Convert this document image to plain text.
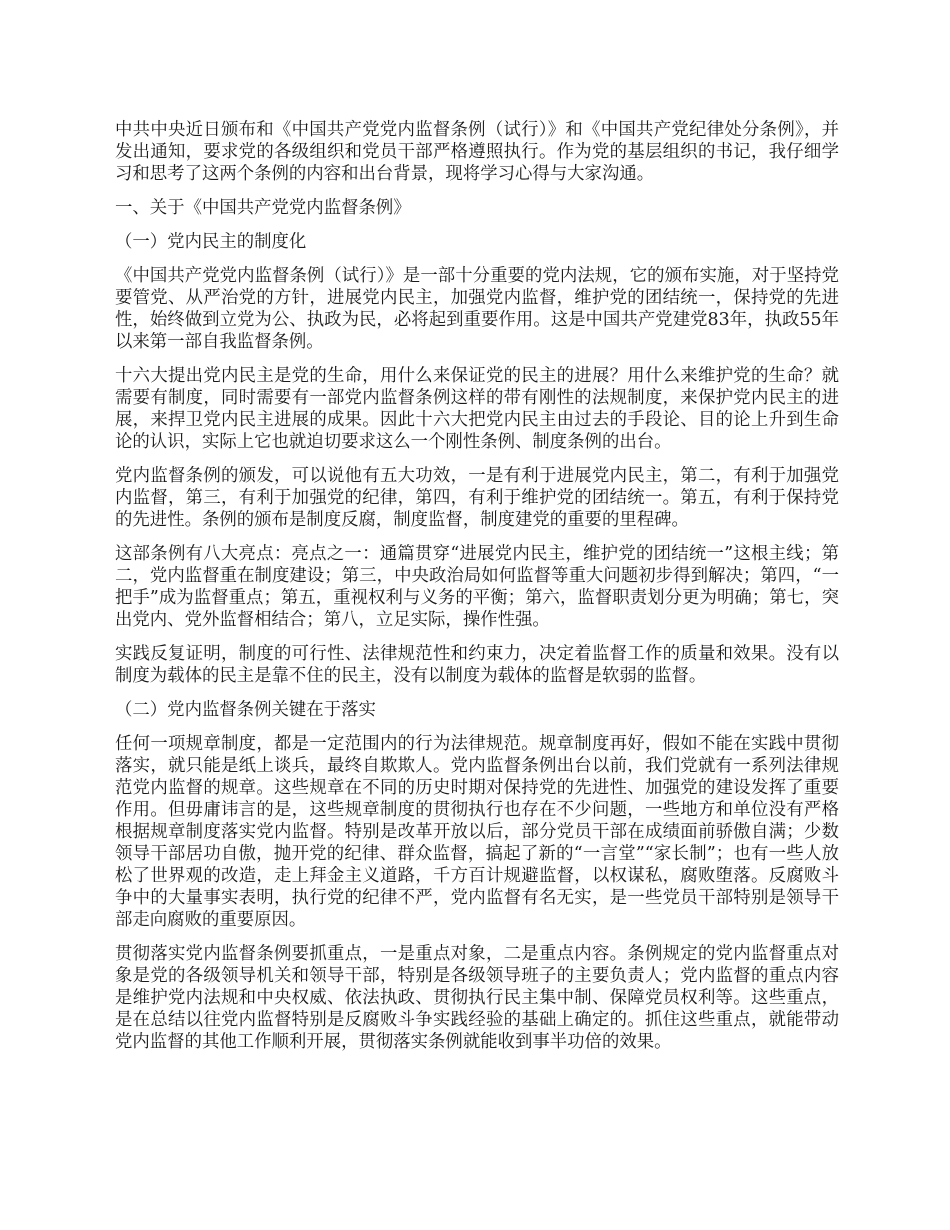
中共中央近日颁布和《中国共产党党内监督条例（试行）》和《中国共产党纪律处分条例》，并发出通知，要求党的各级组织和党员干部严格遵照执行。作为党的基层组织的书记，我仔细学习和思考了这两个条例的内容和出台背景，现将学习心得与大家沟通。

一、关于《中国共产党党内监督条例》

（一）党内民主的制度化

《中国共产党党内监督条例（试行）》是一部十分重要的党内法规，它的颁布实施，对于坚持党要管党、从严治党的方针，进展党内民主，加强党内监督，维护党的团结统一，保持党的先进性，始终做到立党为公、执政为民，必将起到重要作用。这是中国共产党建党83年，执政55年以来第一部自我监督条例。

十六大提出党内民主是党的生命，用什么来保证党的民主的进展？用什么来维护党的生命？就需要有制度，同时需要有一部党内监督条例这样的带有刚性的法规制度，来保护党内民主的进展，来捍卫党内民主进展的成果。因此十六大把党内民主由过去的手段论、目的论上升到生命论的认识，实际上它也就迫切要求这么一个刚性条例、制度条例的出台。

党内监督条例的颁发，可以说他有五大功效，一是有利于进展党内民主，第二，有利于加强党内监督，第三，有利于加强党的纪律，第四，有利于维护党的团结统一。第五，有利于保持党的先进性。条例的颁布是制度反腐，制度监督，制度建党的重要的里程碑。

这部条例有八大亮点：亮点之一：通篇贯穿“进展党内民主，维护党的团结统一”这根主线；第二，党内监督重在制度建设；第三，中央政治局如何监督等重大问题初步得到解决；第四，“一把手”成为监督重点；第五，重视权利与义务的平衡；第六，监督职责划分更为明确；第七，突出党内、党外监督相结合；第八，立足实际，操作性强。

实践反复证明，制度的可行性、法律规范性和约束力，决定着监督工作的质量和效果。没有以制度为载体的民主是靠不住的民主，没有以制度为载体的监督是软弱的监督。

（二）党内监督条例关键在于落实

任何一项规章制度，都是一定范围内的行为法律规范。规章制度再好，假如不能在实践中贯彻落实，就只能是纸上谈兵，最终自欺欺人。党内监督条例出台以前，我们党就有一系列法律规范党内监督的规章。这些规章在不同的历史时期对保持党的先进性、加强党的建设发挥了重要作用。但毋庸讳言的是，这些规章制度的贯彻执行也存在不少问题，一些地方和单位没有严格根据规章制度落实党内监督。特别是改革开放以后，部分党员干部在成绩面前骄傲自满；少数领导干部居功自傲，抛开党的纪律、群众监督，搞起了新的“一言堂”“家长制”；也有一些人放松了世界观的改造，走上拜金主义道路，千方百计规避监督，以权谋私，腐败堕落。反腐败斗争中的大量事实表明，执行党的纪律不严，党内监督有名无实，是一些党员干部特别是领导干部走向腐败的重要原因。

贯彻落实党内监督条例要抓重点，一是重点对象，二是重点内容。条例规定的党内监督重点对象是党的各级领导机关和领导干部，特别是各级领导班子的主要负责人；党内监督的重点内容是维护党内法规和中央权威、依法执政、贯彻执行民主集中制、保障党员权利等。这些重点，是在总结以往党内监督特别是反腐败斗争实践经验的基础上确定的。抓住这些重点，就能带动党内监督的其他工作顺利开展，贯彻落实条例就能收到事半功倍的效果。
